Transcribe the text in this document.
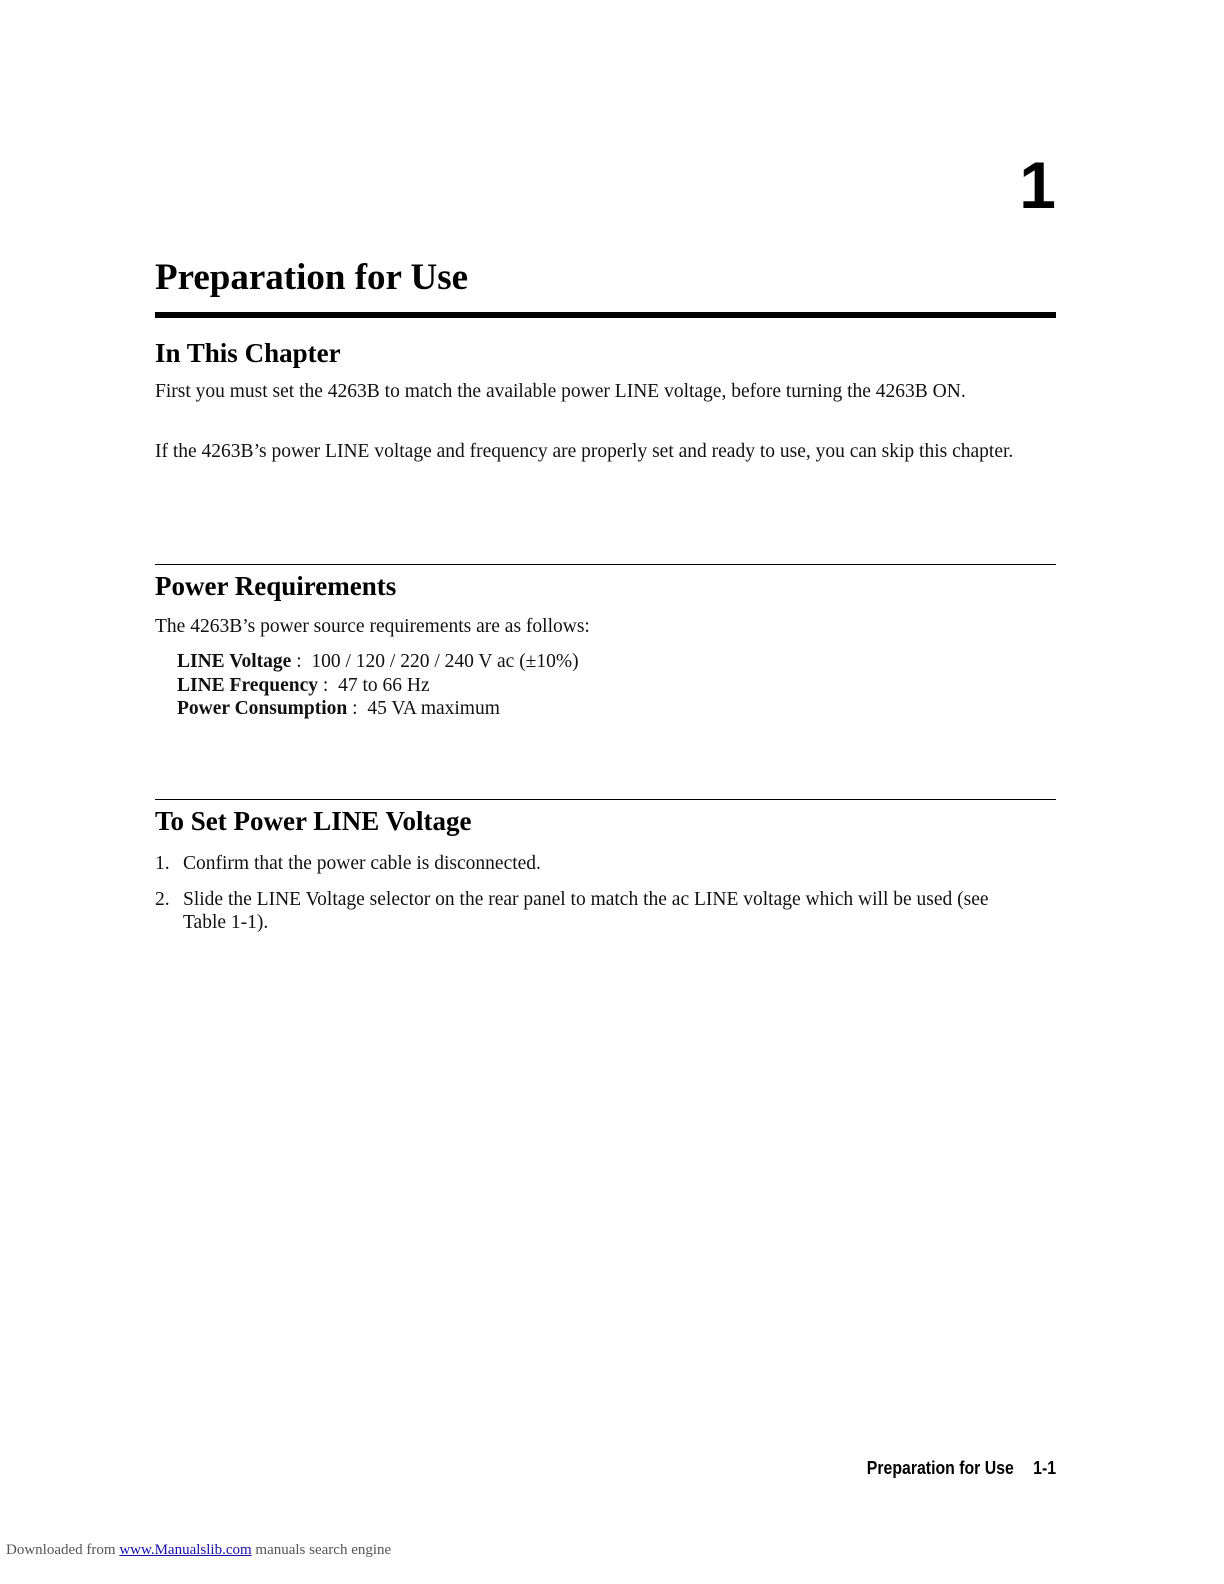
1
Preparation for Use
In This Chapter

First you must set the 4263B to match the available power LINE voltage, before turning the 4263B ON.

If the 4263B’s power LINE voltage and frequency are properly set and ready to use, you can skip this chapter.

Power Requirements

The 4263B’s power source requirements are as follows:

LINE Voltage :  100 / 120 / 220 / 240 V ac (±10%)
LINE Frequency :  47 to 66 Hz
Power Consumption :  45 VA maximum
To Set Power LINE Voltage
1. Confirm that the power cable is disconnected.
2. Slide the LINE Voltage selector on the rear panel to match the ac LINE voltage which will be used (see Table 1-1).
Preparation for Use 1-1
Downloaded from www.Manualslib.com manuals search engine
